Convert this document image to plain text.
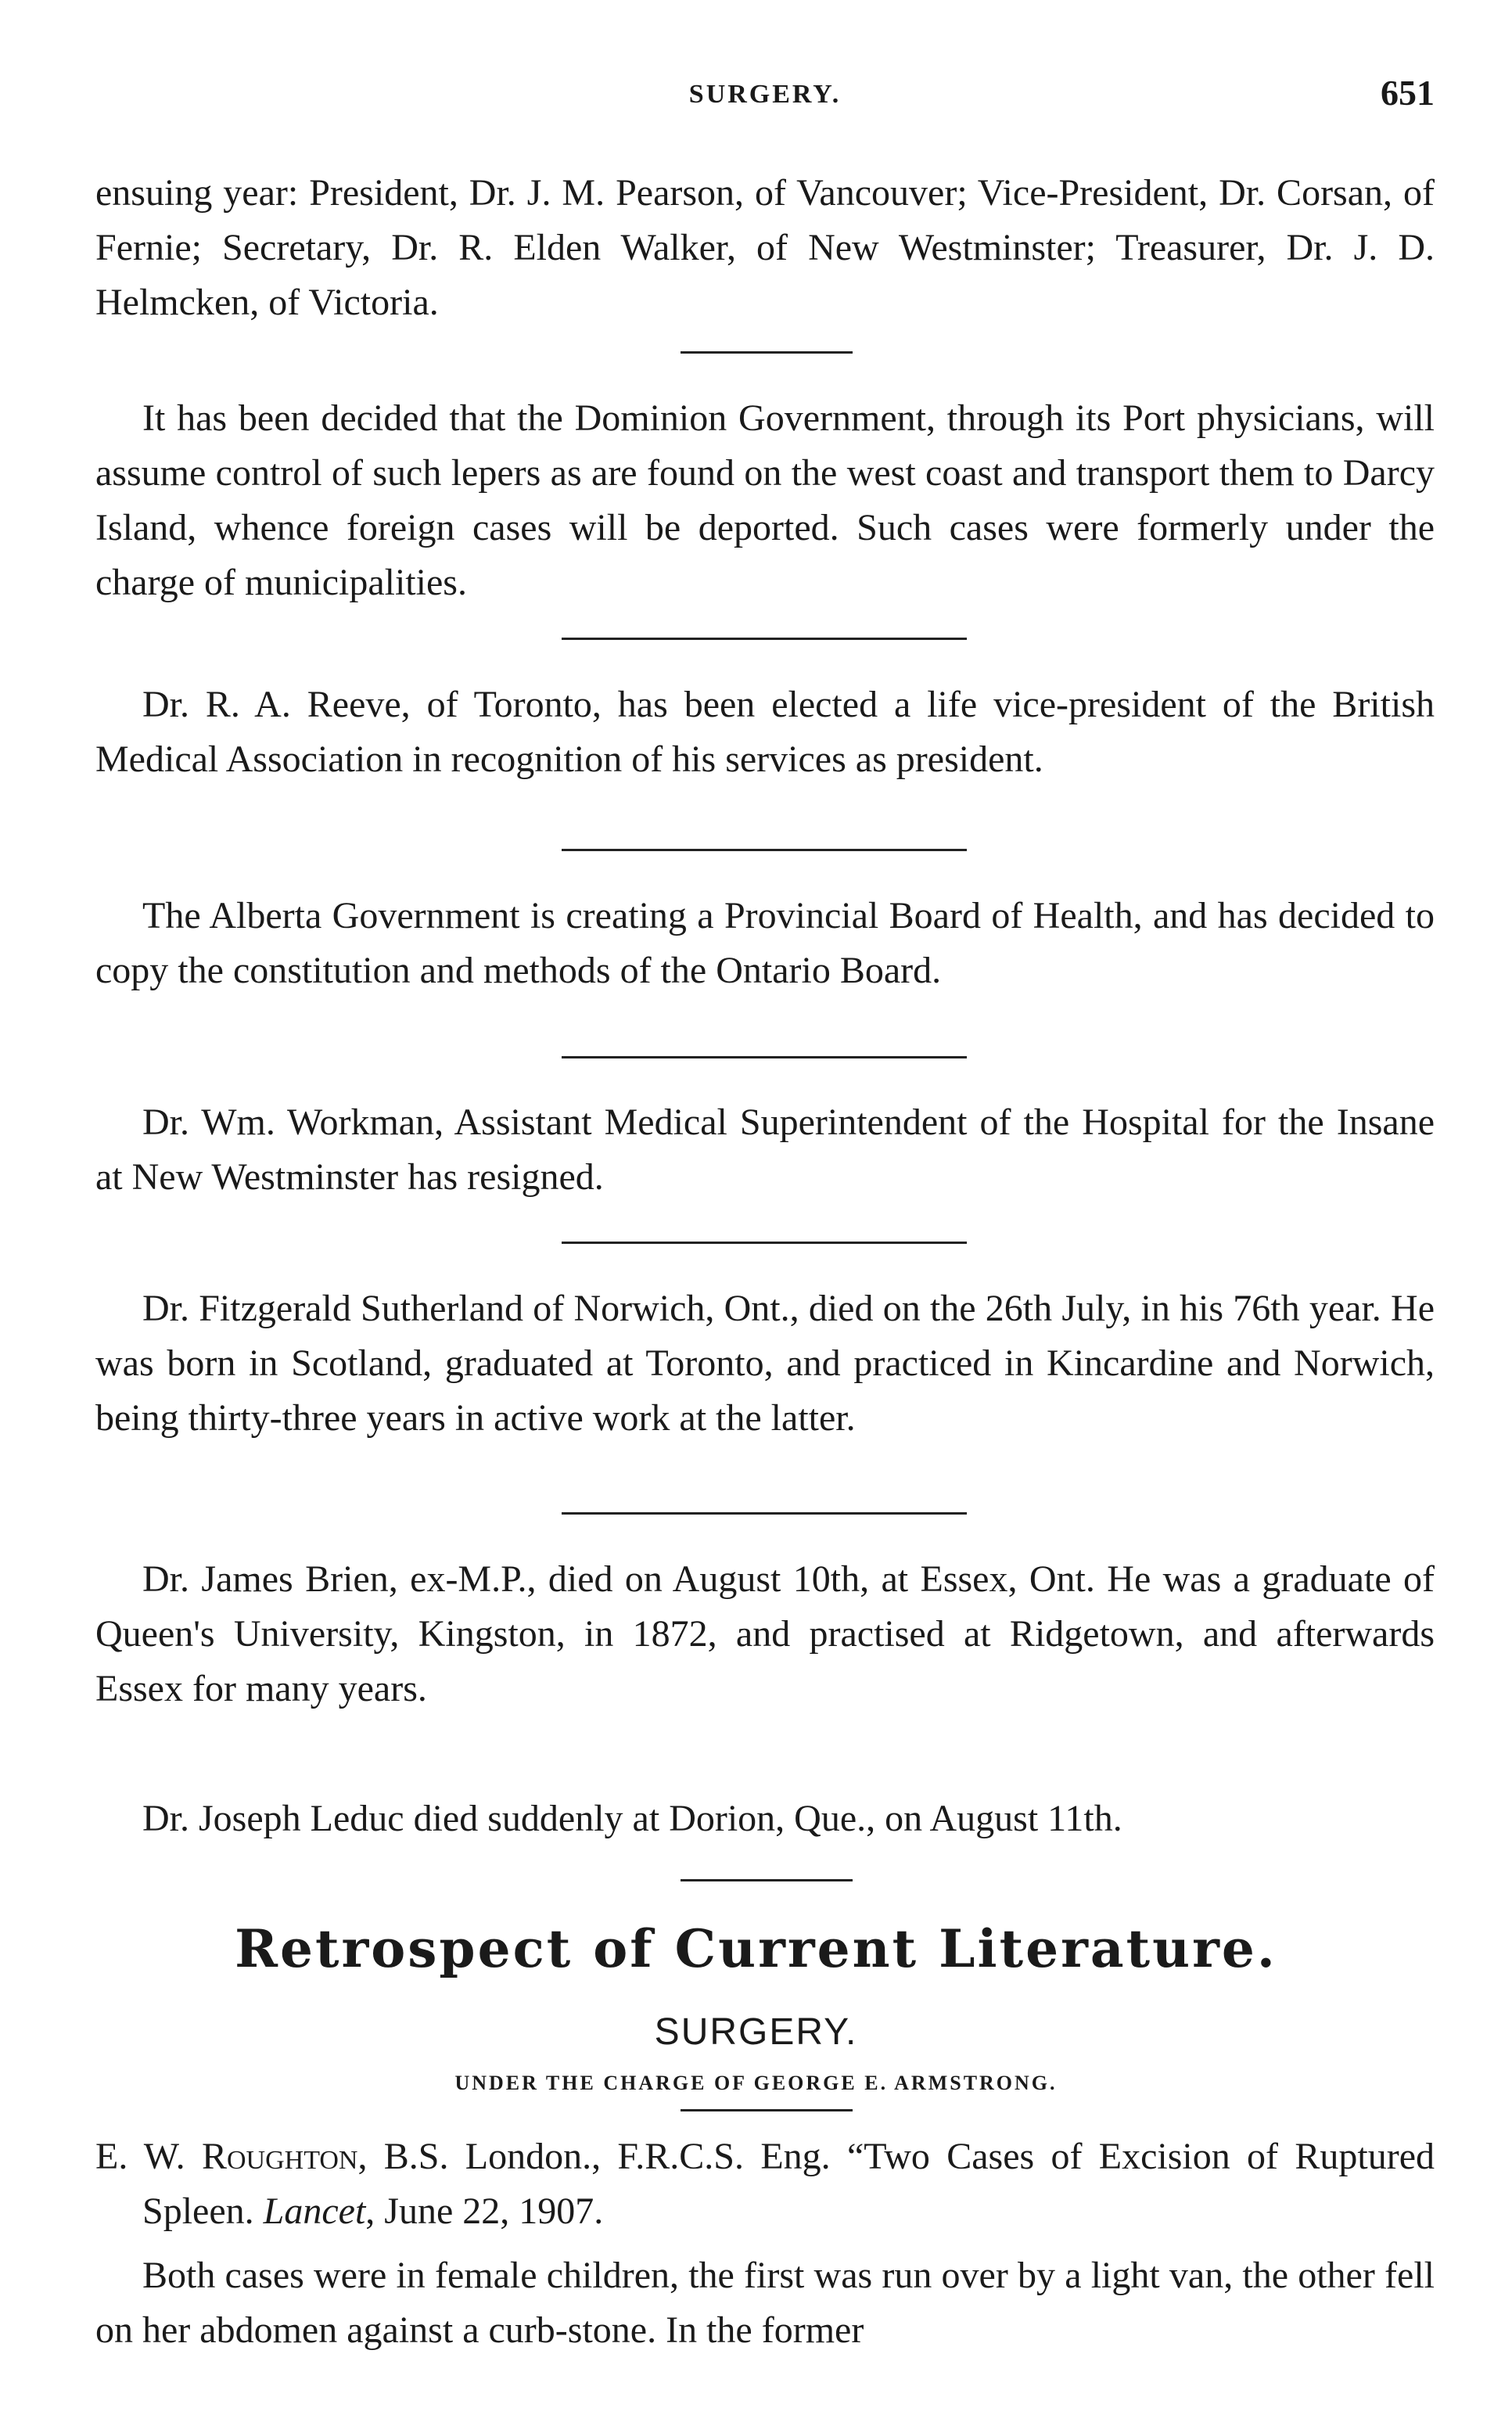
SURGERY.	651

ensuing year: President, Dr. J. M. Pearson, of Vancouver; Vice-President, Dr. Corsan, of Fernie; Secretary, Dr. R. Elden Walker, of New Westminster; Treasurer, Dr. J. D. Helmcken, of Victoria.

It has been decided that the Dominion Government, through its Port physicians, will assume control of such lepers as are found on the west coast and transport them to Darcy Island, whence foreign cases will be deported. Such cases were formerly under the charge of municipalities.

Dr. R. A. Reeve, of Toronto, has been elected a life vice-president of the British Medical Association in recognition of his services as president.

The Alberta Government is creating a Provincial Board of Health, and has decided to copy the constitution and methods of the Ontario Board.

Dr. Wm. Workman, Assistant Medical Superintendent of the Hospital for the Insane at New Westminster has resigned.

Dr. Fitzgerald Sutherland of Norwich, Ont., died on the 26th July, in his 76th year. He was born in Scotland, graduated at Toronto, and practiced in Kincardine and Norwich, being thirty-three years in active work at the latter.

Dr. James Brien, ex-M.P., died on August 10th, at Essex, Ont. He was a graduate of Queen's University, Kingston, in 1872, and practised at Ridgetown, and afterwards Essex for many years.

Dr. Joseph Leduc died suddenly at Dorion, Que., on August 11th.

Retrospect of Current Literature.

SURGERY.

UNDER THE CHARGE OF GEORGE E. ARMSTRONG.

E. W. Roughton, B.S. London., F.R.C.S. Eng. “Two Cases of Excision of Ruptured Spleen. Lancet, June 22, 1907.

Both cases were in female children, the first was run over by a light van, the other fell on her abdomen against a curb-stone. In the former
